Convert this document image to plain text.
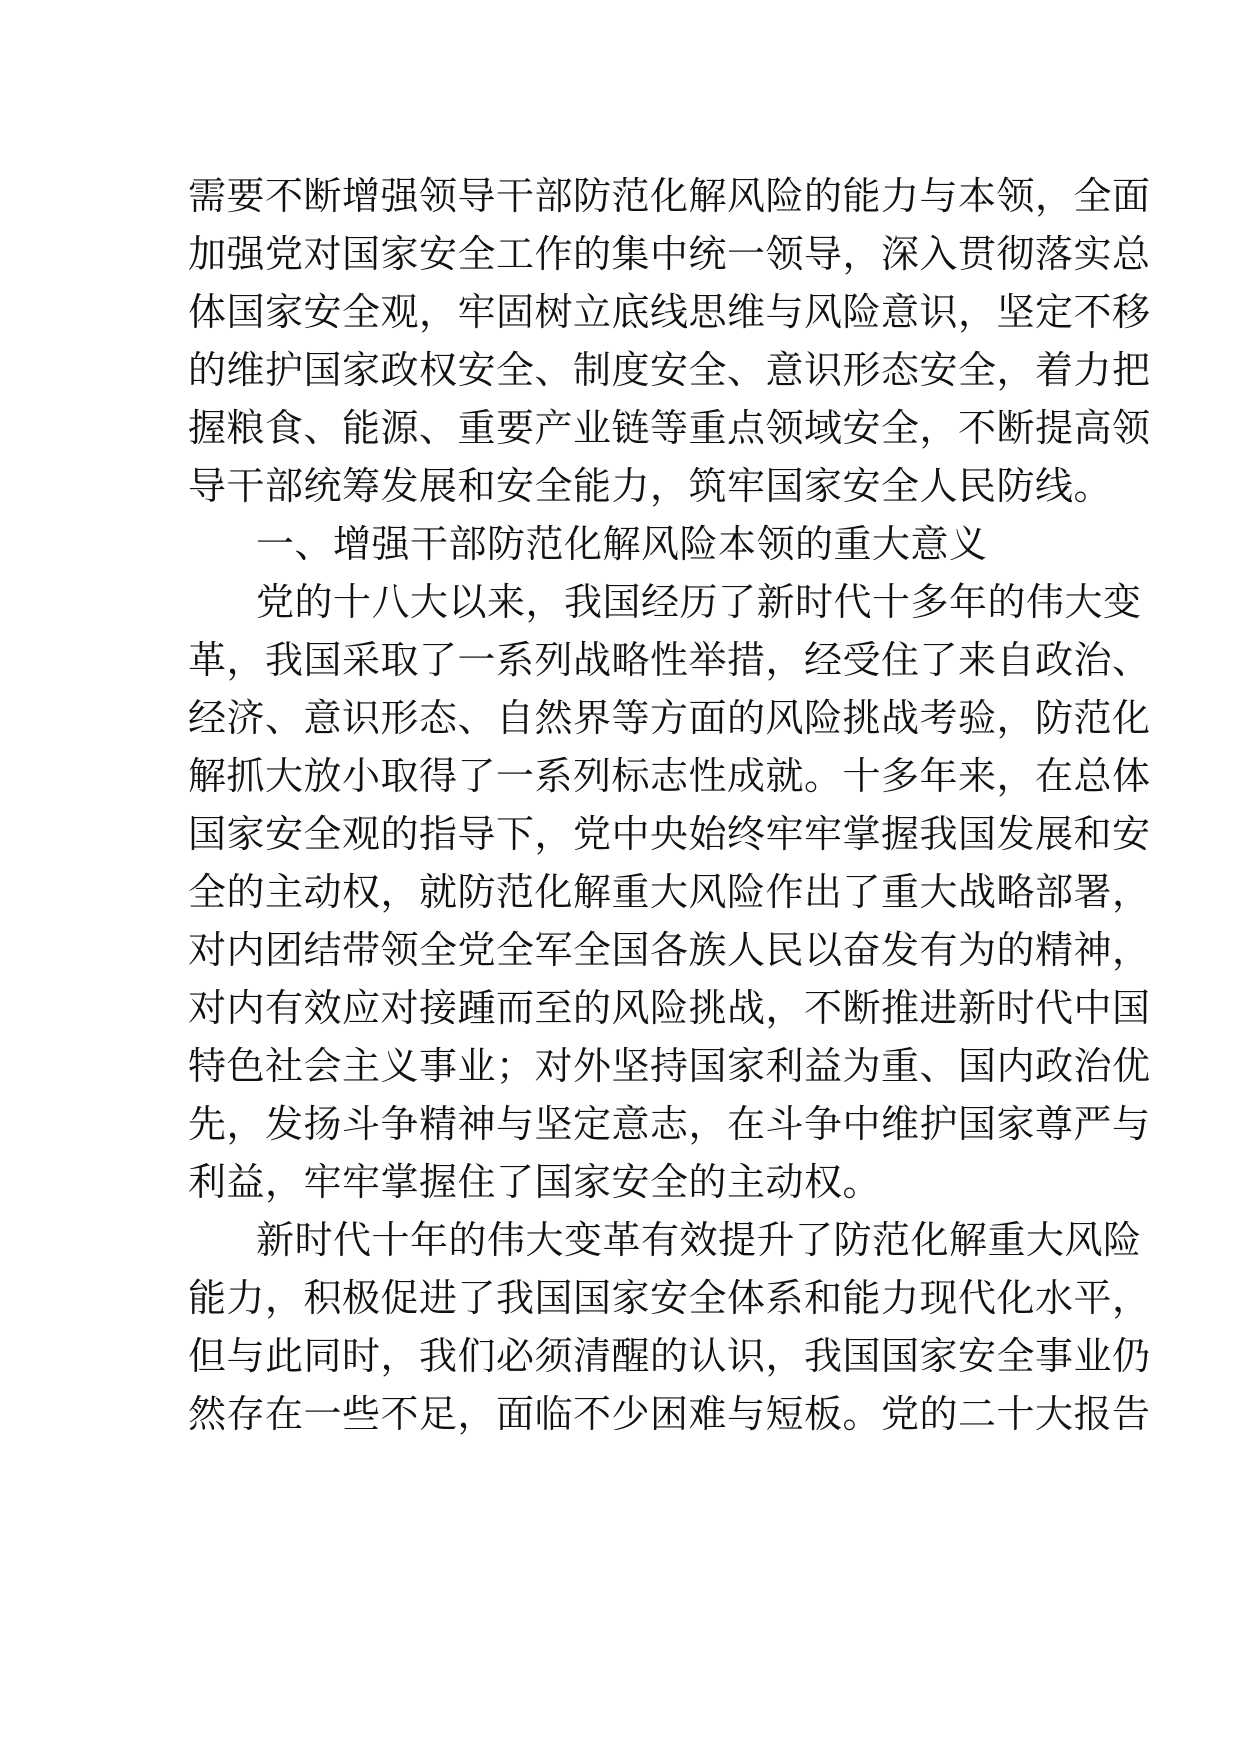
需要不断增强领导干部防范化解风险的能力与本领，全面
加强党对国家安全工作的集中统一领导，深入贯彻落实总
体国家安全观，牢固树立底线思维与风险意识，坚定不移
的维护国家政权安全、制度安全、意识形态安全，着力把
握粮食、能源、重要产业链等重点领域安全，不断提高领
导干部统筹发展和安全能力，筑牢国家安全人民防线。
一、增强干部防范化解风险本领的重大意义
党的十八大以来，我国经历了新时代十多年的伟大变
革，我国采取了一系列战略性举措，经受住了来自政治、
经济、意识形态、自然界等方面的风险挑战考验，防范化
解抓大放小取得了一系列标志性成就。十多年来，在总体
国家安全观的指导下，党中央始终牢牢掌握我国发展和安
全的主动权，就防范化解重大风险作出了重大战略部署，
对内团结带领全党全军全国各族人民以奋发有为的精神，
对内有效应对接踵而至的风险挑战，不断推进新时代中国
特色社会主义事业；对外坚持国家利益为重、国内政治优
先，发扬斗争精神与坚定意志，在斗争中维护国家尊严与
利益，牢牢掌握住了国家安全的主动权。
新时代十年的伟大变革有效提升了防范化解重大风险
能力，积极促进了我国国家安全体系和能力现代化水平，
但与此同时，我们必须清醒的认识，我国国家安全事业仍
然存在一些不足，面临不少困难与短板。党的二十大报告
